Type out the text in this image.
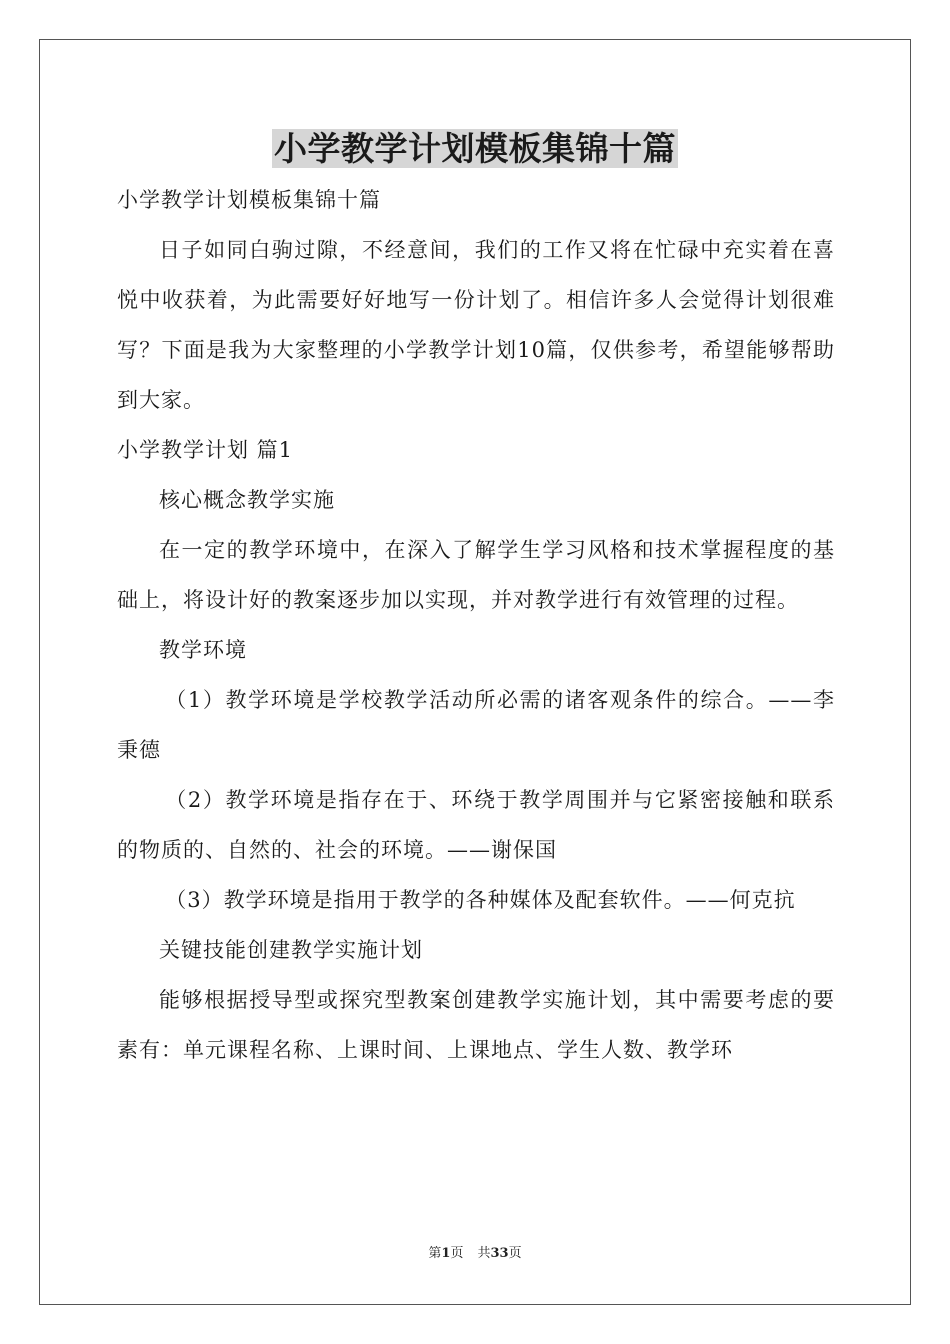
小学教学计划模板集锦十篇

小学教学计划模板集锦十篇

日子如同白驹过隙，不经意间，我们的工作又将在忙碌中充实着在喜悦中收获着，为此需要好好地写一份计划了。相信许多人会觉得计划很难写？下面是我为大家整理的小学教学计划10篇，仅供参考，希望能够帮助到大家。

小学教学计划 篇1

核心概念教学实施

在一定的教学环境中，在深入了解学生学习风格和技术掌握程度的基础上，将设计好的教案逐步加以实现，并对教学进行有效管理的过程。

教学环境

（1）教学环境是学校教学活动所必需的诸客观条件的综合。——李秉德

（2）教学环境是指存在于、环绕于教学周围并与它紧密接触和联系的物质的、自然的、社会的环境。——谢保国

（3）教学环境是指用于教学的各种媒体及配套软件。——何克抗

关键技能创建教学实施计划

能够根据授导型或探究型教案创建教学实施计划，其中需要考虑的要素有：单元课程名称、上课时间、上课地点、学生人数、教学环

第1页 共33页
